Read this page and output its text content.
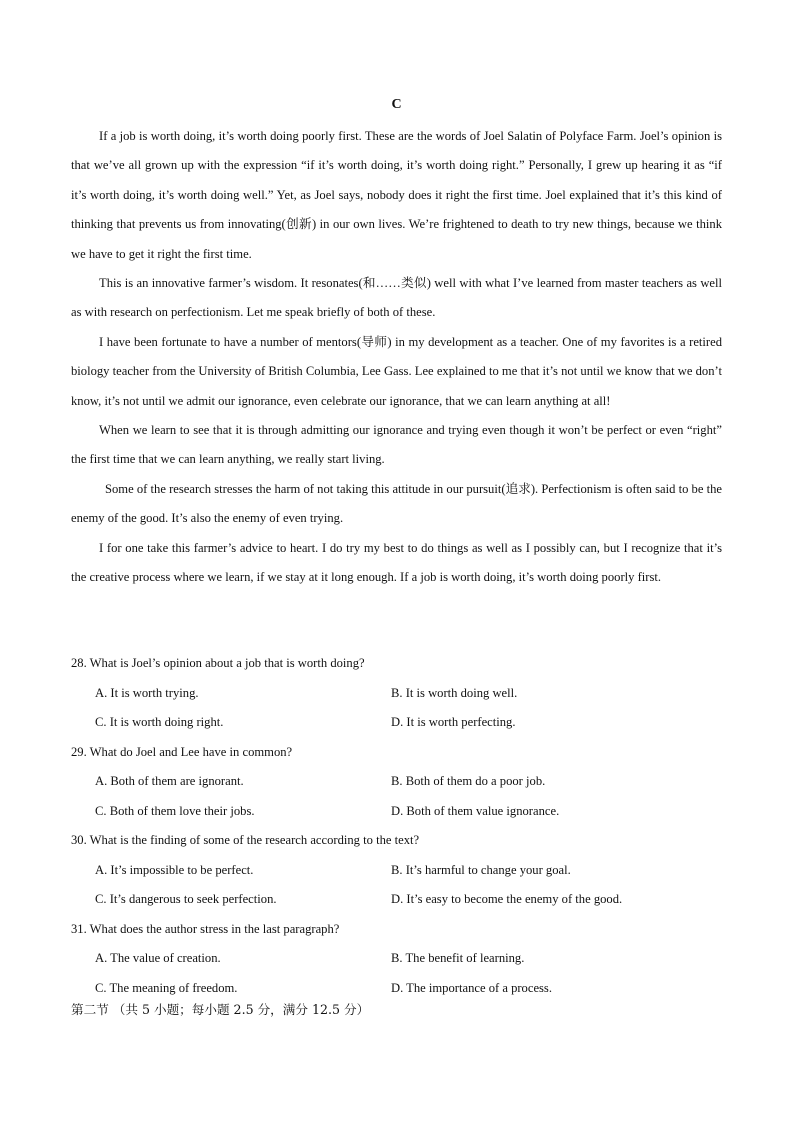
C

If a job is worth doing, it’s worth doing poorly first. These are the words of Joel Salatin of Polyface Farm. Joel’s opinion is that we’ve all grown up with the expression “if it’s worth doing, it’s worth doing right.” Personally, I grew up hearing it as “if it’s worth doing, it’s worth doing well.” Yet, as Joel says, nobody does it right the first time. Joel explained that it’s this kind of thinking that prevents us from innovating(创新) in our own lives. We’re frightened to death to try new things, because we think we have to get it right the first time.

This is an innovative farmer’s wisdom. It resonates(和……类似) well with what I’ve learned from master teachers as well as with research on perfectionism. Let me speak briefly of both of these.

I have been fortunate to have a number of mentors(导师) in my development as a teacher. One of my favorites is a retired biology teacher from the University of British Columbia, Lee Gass. Lee explained to me that it’s not until we know that we don’t know, it’s not until we admit our ignorance, even celebrate our ignorance, that we can learn anything at all!

When we learn to see that it is through admitting our ignorance and trying even though it won’t be perfect or even “right” the first time that we can learn anything, we really start living.

Some of the research stresses the harm of not taking this attitude in our pursuit(追求). Perfectionism is often said to be the enemy of the good. It’s also the enemy of even trying.

I for one take this farmer’s advice to heart. I do try my best to do things as well as I possibly can, but I recognize that it’s the creative process where we learn, if we stay at it long enough. If a job is worth doing, it’s worth doing poorly first.

28. What is Joel’s opinion about a job that is worth doing?
A. It is worth trying.	B. It is worth doing well.
C. It is worth doing right.	D. It is worth perfecting.
29. What do Joel and Lee have in common?
A. Both of them are ignorant.	B. Both of them do a poor job.
C. Both of them love their jobs.	D. Both of them value ignorance.
30. What is the finding of some of the research according to the text?
A. It’s impossible to be perfect.	B. It’s harmful to change your goal.
C. It’s dangerous to seek perfection.	D. It’s easy to become the enemy of the good.
31. What does the author stress in the last paragraph?
A. The value of creation.	B. The benefit of learning.
C. The meaning of freedom.	D. The importance of a process.
第二节 （共 5 小题；每小题 2.5 分，满分 12.5 分）
